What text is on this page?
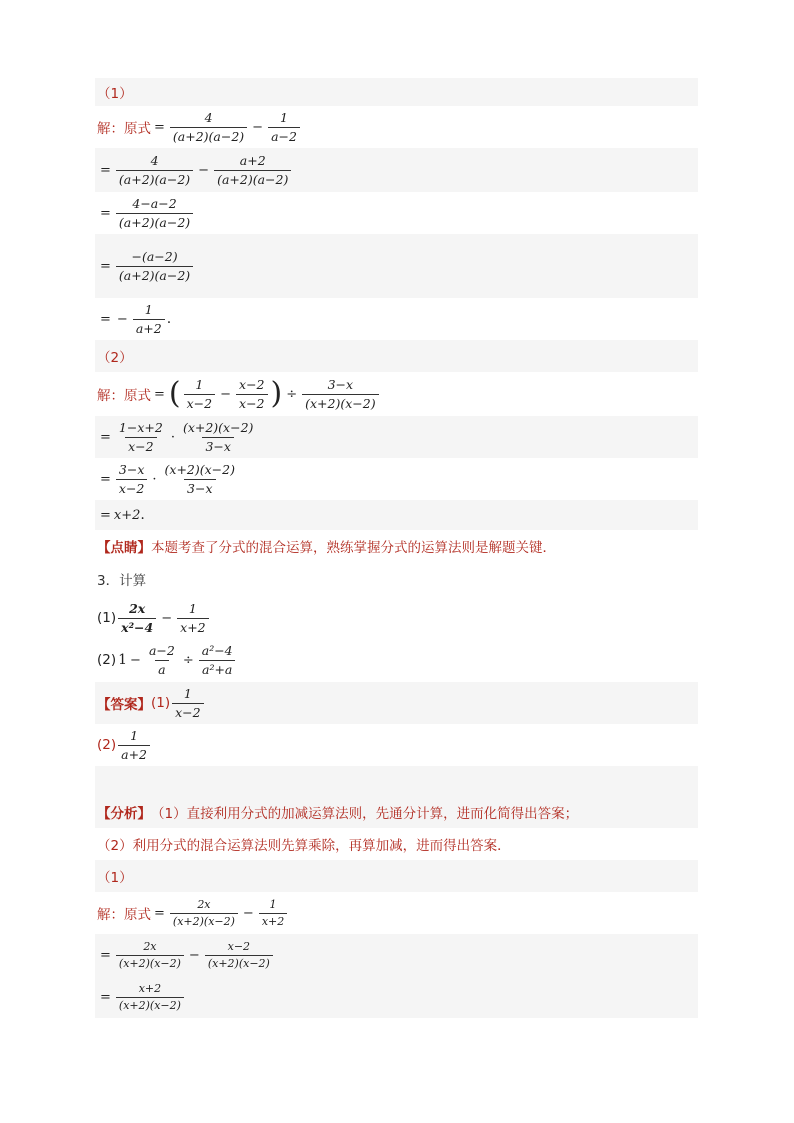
（1）
解：原式 = $\frac{4}{(a+2)(a-2)} - \frac{1}{a-2}$
= $\frac{4}{(a+2)(a-2)} - \frac{a+2}{(a+2)(a-2)}$
= $\frac{4-a-2}{(a+2)(a-2)}$
= $\frac{-(a-2)}{(a+2)(a-2)}$
= − $\frac{1}{a+2}$ .
（2）
解：原式 = ( $\frac{1}{x-2} - \frac{x-2}{x-2}$ ) ÷ $\frac{3-x}{(x+2)(x-2)}$
= $\frac{1-x+2}{x-2} \cdot \frac{(x+2)(x-2)}{3-x}$
= $\frac{3-x}{x-2} \cdot \frac{(x+2)(x-2)}{3-x}$
= x+2 .
【点睛】 本题考查了分式的混合运算，熟练掌握分式的运算法则是解题关键．
3．计算
$(1) \frac{2x}{\text{x²−4}} - \frac{1}{x+2}$
(2) $1 - \frac{a-2}{a} \div \frac{\text{a²−4}}{\text{a²+a}}$
【答案】 $(1) \frac{1}{x-2}$
$(2) \frac{1}{a+2}$
【分析】 （1）直接利用分式的加减运算法则，先通分计算，进而化简得出答案；
（2）利用分式的混合运算法则先算乘除，再算加减，进而得出答案．
（1）
解：原式 = $\frac{2x}{(x+2)(x-2)} - \frac{1}{x+2}$
= $\frac{2x}{(x+2)(x-2)} - \frac{x-2}{(x+2)(x-2)}$
= $\frac{x+2}{(x+2)(x-2)}$
